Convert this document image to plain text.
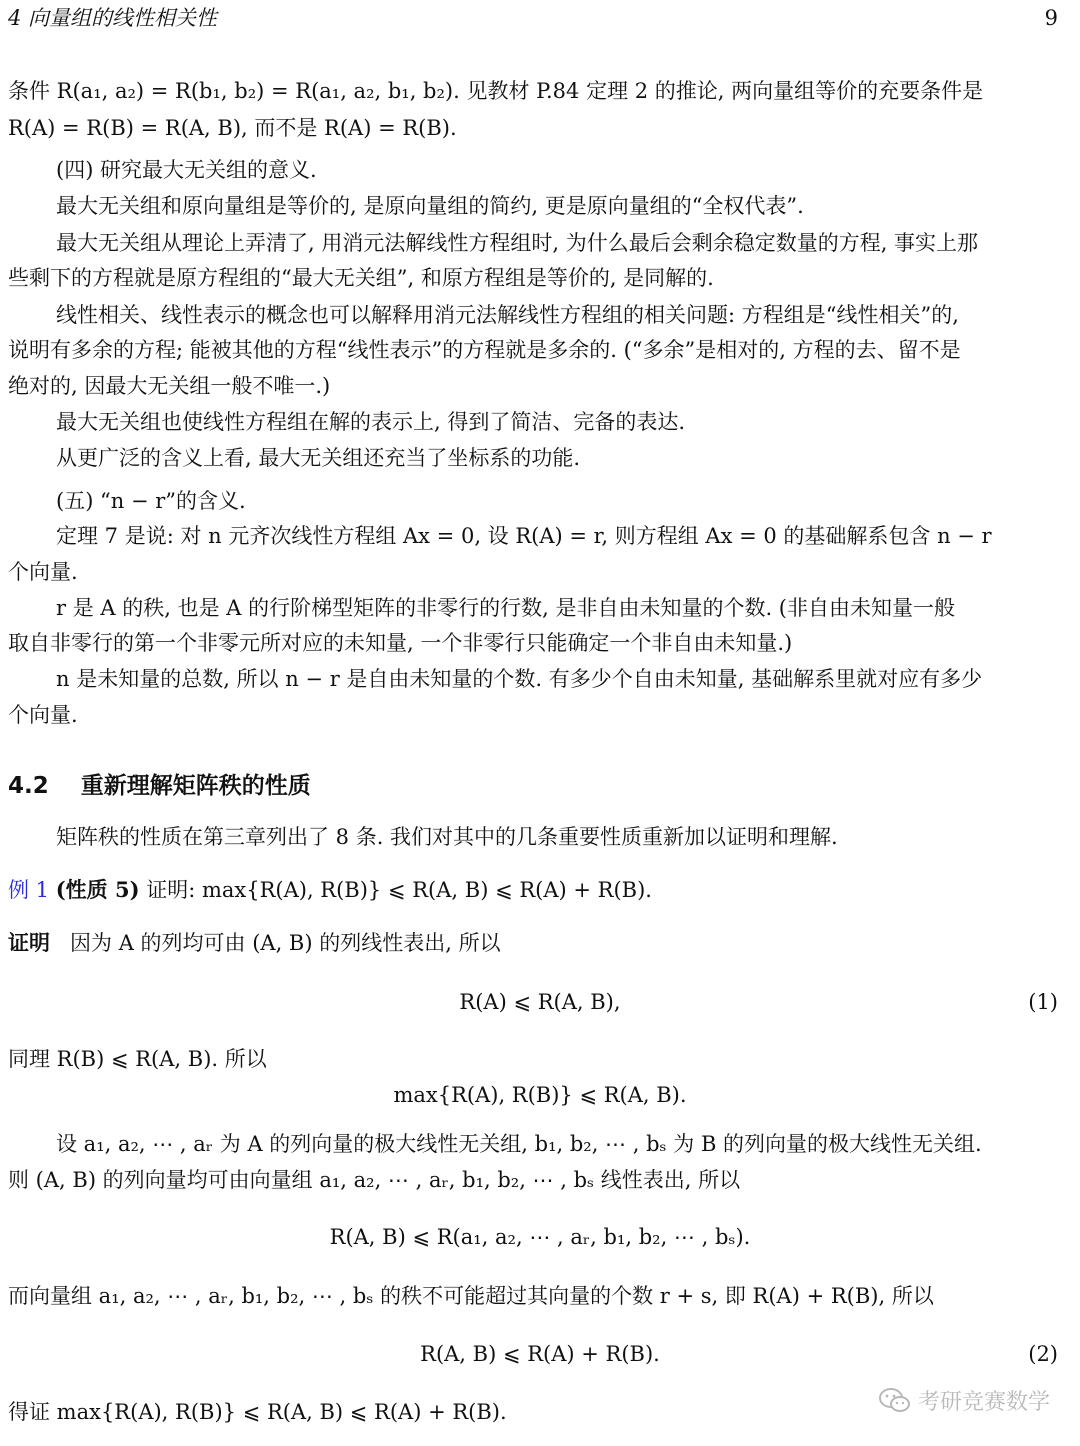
4 向量组的线性相关性	9
条件 R(a₁, a₂) = R(b₁, b₂) = R(a₁, a₂, b₁, b₂). 见教材 P.84 定理 2 的推论, 两向量组等价的充要条件是
R(A) = R(B) = R(A, B), 而不是 R(A) = R(B).
(四) 研究最大无关组的意义.
最大无关组和原向量组是等价的, 是原向量组的简约, 更是原向量组的“全权代表”.
最大无关组从理论上弄清了, 用消元法解线性方程组时, 为什么最后会剩余稳定数量的方程, 事实上那
些剩下的方程就是原方程组的“最大无关组”, 和原方程组是等价的, 是同解的.
线性相关、线性表示的概念也可以解释用消元法解线性方程组的相关问题: 方程组是“线性相关”的,
说明有多余的方程; 能被其他的方程“线性表示”的方程就是多余的. (“多余”是相对的, 方程的去、留不是
绝对的, 因最大无关组一般不唯一.)
最大无关组也使线性方程组在解的表示上, 得到了简洁、完备的表达.
从更广泛的含义上看, 最大无关组还充当了坐标系的功能.
(五) “n − r”的含义.
定理 7 是说: 对 n 元齐次线性方程组 Ax = 0, 设 R(A) = r, 则方程组 Ax = 0 的基础解系包含 n − r
个向量.
r 是 A 的秩, 也是 A 的行阶梯型矩阵的非零行的行数, 是非自由未知量的个数. (非自由未知量一般
取自非零行的第一个非零元所对应的未知量, 一个非零行只能确定一个非自由未知量.)
n 是未知量的总数, 所以 n − r 是自由未知量的个数. 有多少个自由未知量, 基础解系里就对应有多少
个向量.
4.2 重新理解矩阵秩的性质
矩阵秩的性质在第三章列出了 8 条. 我们对其中的几条重要性质重新加以证明和理解.
例 1 (性质 5) 证明: max{R(A), R(B)} ⩽ R(A, B) ⩽ R(A) + R(B).
证明 因为 A 的列均可由 (A, B) 的列线性表出, 所以
R(A) ⩽ R(A, B),	(1)
同理 R(B) ⩽ R(A, B). 所以
max{R(A), R(B)} ⩽ R(A, B).
设 a₁, a₂, ⋯ , aᵣ 为 A 的列向量的极大线性无关组, b₁, b₂, ⋯ , bₛ 为 B 的列向量的极大线性无关组.
则 (A, B) 的列向量均可由向量组 a₁, a₂, ⋯ , aᵣ, b₁, b₂, ⋯ , bₛ 线性表出, 所以
R(A, B) ⩽ R(a₁, a₂, ⋯ , aᵣ, b₁, b₂, ⋯ , bₛ).
而向量组 a₁, a₂, ⋯ , aᵣ, b₁, b₂, ⋯ , bₛ 的秩不可能超过其向量的个数 r + s, 即 R(A) + R(B), 所以
R(A, B) ⩽ R(A) + R(B).	(2)
得证 max{R(A), R(B)} ⩽ R(A, B) ⩽ R(A) + R(B).	考研竞赛数学
